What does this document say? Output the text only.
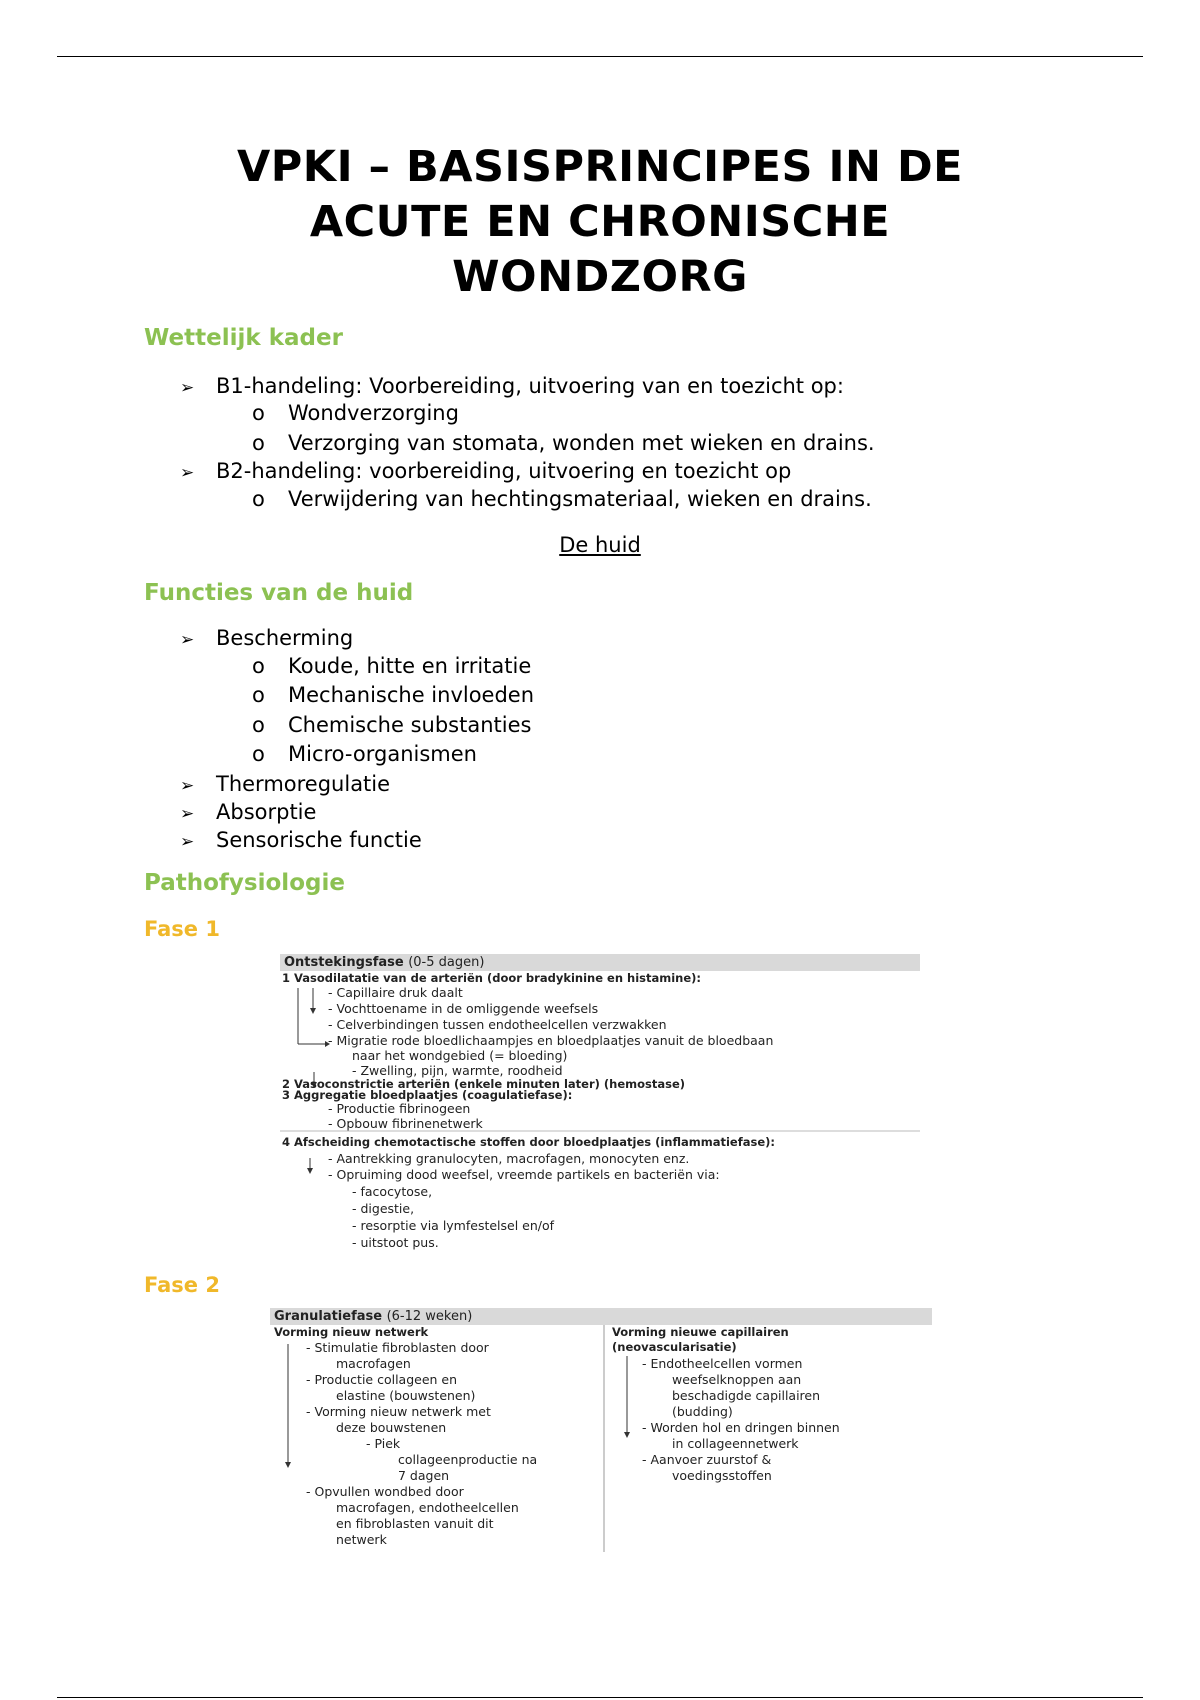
VPKI – BASISPRINCIPES IN DE
ACUTE EN CHRONISCHE
WONDZORG
Wettelijk kader
➢ B1-handeling: Voorbereiding, uitvoering van en toezicht op:
o Wondverzorging
o Verzorging van stomata, wonden met wieken en drains.
➢ B2-handeling: voorbereiding, uitvoering en toezicht op
o Verwijdering van hechtingsmateriaal, wieken en drains.
De huid
Functies van de huid
➢ Bescherming
o Koude, hitte en irritatie
o Mechanische invloeden
o Chemische substanties
o Micro-organismen
➢ Thermoregulatie
➢ Absorptie
➢ Sensorische functie
Pathofysiologie
Fase 1
Ontstekingsfase (0-5 dagen)
1 Vasodilatatie van de arteriën (door bradykinine en histamine):
- Capillaire druk daalt
- Vochttoename in de omliggende weefsels
- Celverbindingen tussen endotheelcellen verzwakken
- Migratie rode bloedlichaampjes en bloedplaatjes vanuit de bloedbaan
naar het wondgebied (= bloeding)
- Zwelling, pijn, warmte, roodheid
2 Vasoconstrictie arteriën (enkele minuten later) (hemostase)
3 Aggregatie bloedplaatjes (coagulatiefase):
- Productie fibrinogeen
- Opbouw fibrinenetwerk
4 Afscheiding chemotactische stoffen door bloedplaatjes (inflammatiefase):
- Aantrekking granulocyten, macrofagen, monocyten enz.
- Opruiming dood weefsel, vreemde partikels en bacteriën via:
- facocytose,
- digestie,
- resorptie via lymfestelsel en/of
- uitstoot pus.
Fase 2
Granulatiefase (6-12 weken)
Vorming nieuw netwerk
- Stimulatie fibroblasten door
macrofagen
- Productie collageen en
elastine (bouwstenen)
- Vorming nieuw netwerk met
deze bouwstenen
- Piek
collageenproductie na
7 dagen
- Opvullen wondbed door
macrofagen, endotheelcellen
en fibroblasten vanuit dit
netwerk
Vorming nieuwe capillairen
(neovascularisatie)
- Endotheelcellen vormen
weefselknoppen aan
beschadigde capillairen
(budding)
- Worden hol en dringen binnen
in collageennetwerk
- Aanvoer zuurstof &
voedingsstoffen
